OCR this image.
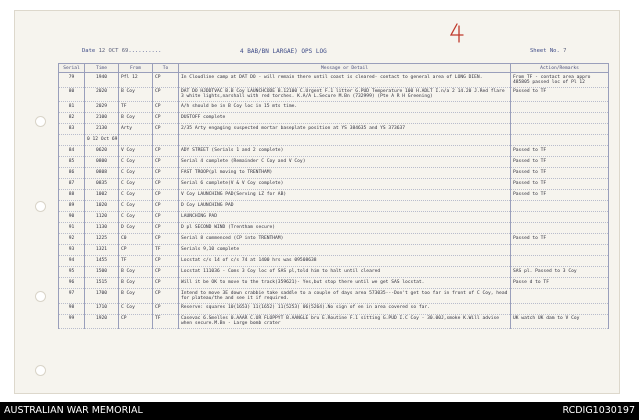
Date 12 OCT 69..........	4 BAB/BN LARGAE) OPS LOG	Sheet No. 7
Serial	Time	From	To	Message or Detail	Action/Remarks
79	1940	Pfl 12	CP	In Cloudline camp at DAT DO - will remain there until coast is cleared- contact to general area of LONG DIEN.	From TF - contact area appro 485805 passed loc of Pl 12
80	2020	B Coy	CP	DAT DO HJDDTVAC B.B Coy LAUNCHCODE B.12100 C.Urgent F.1 litter G.PUD Temperature 100 H.ADLT I.n/a 2 14.20 J.Red flare 3 white lights,narshall with red torches. K.A/A L.Secure M.Bn (732999) (Pte A R H Greening)	Passed to TF
81	2029	TF	CP	A/h should be in B Coy loc in 15 mts time.	
82	2100	B Coy	CP	DUSTOFF complete	
83	2130	Arty	CP	2/35 Arty engaging suspected mortar baseplate position at YS 384635 and YS 373637	
	0 12 Oct 69				
84	0620	V Coy	CP	ADY STREET (Serials 1 and 2 complete)	Passed to TF
85	0800	C Coy	CP	Serial 4 complete (Remainder C Coy and V Coy)	Passed to TF
86	0808	C Coy	CP	FAST TROOP(pl moving to TRENTHAM)	Passed to TF
87	0835	C Coy	CP	Serial 6 complete(V & V Coy complete)	Passed to TF
88	1002	C Coy	CP	V Coy LAUNCHING PAD(Serving LZ for AB)	Passed to TF
89	1020	C Coy	CP	D Coy LAUNCHING PAD	
90	1120	C Coy	CP	LAUNCHING PAD	
91	1130	D Coy	CP	D pl SECOND WIND (Trentham secure)	
92	1225	C0	CP	Serial 8 commenced (CP into TRENTHAM)	Passed to TF
93	1321	CP	TF	Serials 9,10 complete	
94	1455	TF	CP	Locstat c/s 14 of c/s 74 at 1400 hrs was 09508638	
95	1500	B Coy	CP	Locstat 111036 - Coms 3 Coy loc of SAS pl,told him to halt until cleared	SAS pl. Passed to 3 Coy
96	1515	B Coy	CP	Will it be OK to move to the track(359621)- Yes,but stop there until we get SAS locstat.	Passe d to TF
97	1700	B Coy	CP	Intend to move 3E down crabbie take saddle to a couple of days area 573035---Don't get too far in front of C Coy, head for plateau/the and see it if required.	
98	1710	C Coy	CP	Reserve: squares 10(1653) 11(1652) 11(5253) 06(5264).No sign of en in area covered so far.	
99	1920	CP	TF	Casevac 6.Smelles 0.AAAR C.UR FLOPPYT B.AANGLE bru E.Routine F.1 sitting G.PUD I.C Coy - 30.00J,smoke K.Will advise when secure.M.Bn - Large bomb crater	UK watch UK dam to V Coy
AUSTRALIAN WAR MEMORIAL	RCDIG1030197
